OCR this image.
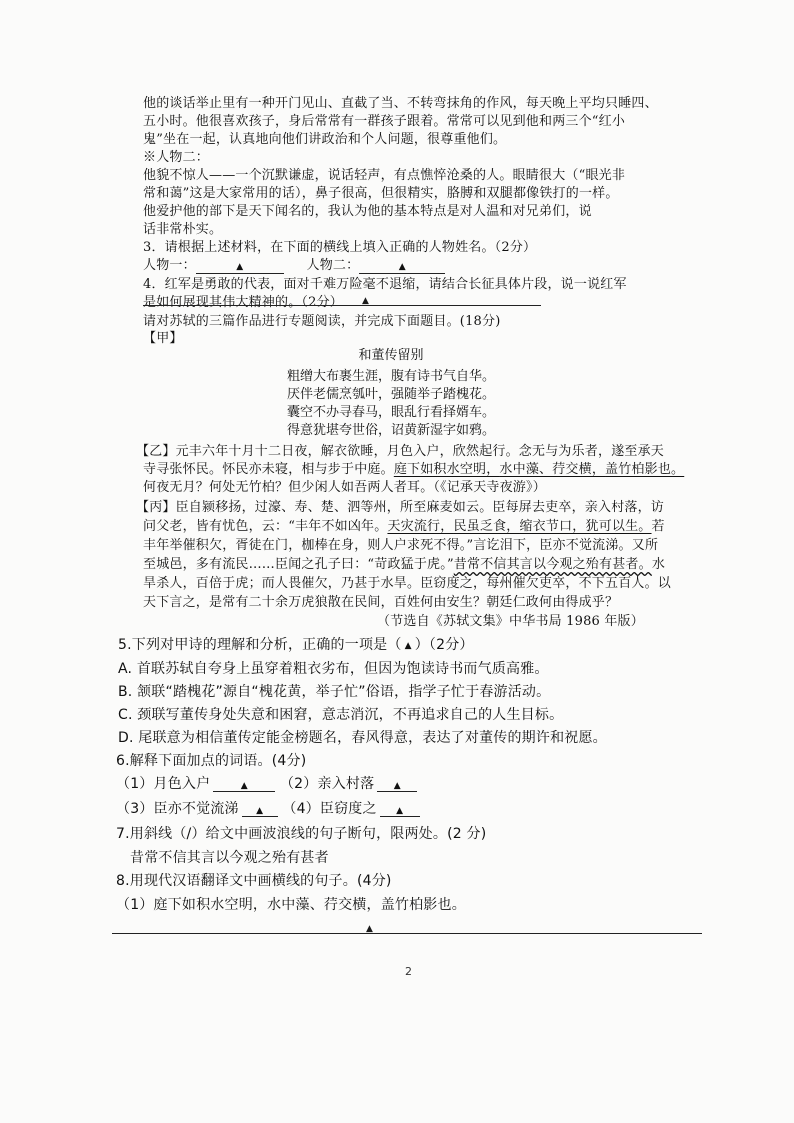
他的谈话举止里有一种开门见山、直截了当、不转弯抹角的作风，每天晚上平均只睡四、
五小时。他很喜欢孩子，身后常常有一群孩子跟着。常常可以见到他和两三个“红小
鬼”坐在一起，认真地向他们讲政治和个人问题，很尊重他们。
※人物二：
他貌不惊人——一个沉默谦虚，说话轻声，有点憔悴沧桑的人。眼睛很大（“眼光非
常和蔼”这是大家常用的话），鼻子很高，但很精实，胳膊和双腿都像铁打的一样。
他爱护他的部下是天下闻名的，我认为他的基本特点是对人温和对兄弟们，说
话非常朴实。
3．请根据上述材料，在下面的横线上填入正确的人物姓名。（2分）
人物一：	▲	人物二：	▲
4．红军是勇敢的代表，面对千难万险毫不退缩，请结合长征具体片段，说一说红军
是如何展现其伟大精神的。（2分） ▲
请对苏轼的三篇作品进行专题阅读，并完成下面题目。(18分)
【甲】
和董传留别
粗缯大布裹生涯，腹有诗书气自华。
厌伴老儒烹瓠叶，强随举子踏槐花。
囊空不办寻春马，眼乱行看择婿车。
得意犹堪夸世俗，诏黄新湿字如鸦。
【乙】元丰六年十月十二日夜，解衣欲睡，月色入户，欣然起行。念无与为乐者，遂至承天
寺寻张怀民。怀民亦未寝，相与步于中庭。庭下如积水空明，水中藻、荇交横，盖竹柏影也。
何夜无月？何处无竹柏？但少闲人如吾两人者耳。（《记承天寺夜游》）
【丙】臣自颍移扬，过濠、寿、楚、泗等州，所至麻麦如云。臣每屏去吏卒，亲入村落，访
问父老，皆有忧色，云：“丰年不如凶年。天灾流行，民虽乏食，缩衣节口，犹可以生。若
丰年举催积欠，胥徒在门，枷棒在身，则人户求死不得。”言讫泪下，臣亦不觉流涕。又所
至城邑，多有流民……臣闻之孔子曰：“苛政猛于虎。”昔常不信其言以今观之殆有甚者。水
旱杀人，百倍于虎；而人畏催欠，乃甚于水旱。臣窃度之，每州催欠吏卒，不下五百人。以
天下言之，是常有二十余万虎狼散在民间，百姓何由安生？朝廷仁政何由得成乎？
（节选自《苏轼文集》中华书局 1986 年版）
5.下列对甲诗的理解和分析，正确的一项是（ ▲ ）（2分）
A. 首联苏轼自夸身上虽穿着粗衣劣布，但因为饱读诗书而气质高雅。
B. 颔联“踏槐花”源自“槐花黄，举子忙”俗语，指学子忙于春游活动。
C. 颈联写董传身处失意和困窘，意志消沉，不再追求自己的人生目标。
D. 尾联意为相信董传定能金榜题名，春风得意，表达了对董传的期许和祝愿。
6.解释下面加点的词语。(4分)
（1）月色入户	▲ （2）亲入村落 ▲
（3）臣亦不觉流涕 ▲ （4）臣窃度之 ▲
7.用斜线（/）给文中画波浪线的句子断句，限两处。(2 分)
昔常不信其言以今观之殆有甚者
8.用现代汉语翻译文中画横线的句子。(4分)
（1）庭下如积水空明，水中藻、荇交横，盖竹柏影也。
▲
2
